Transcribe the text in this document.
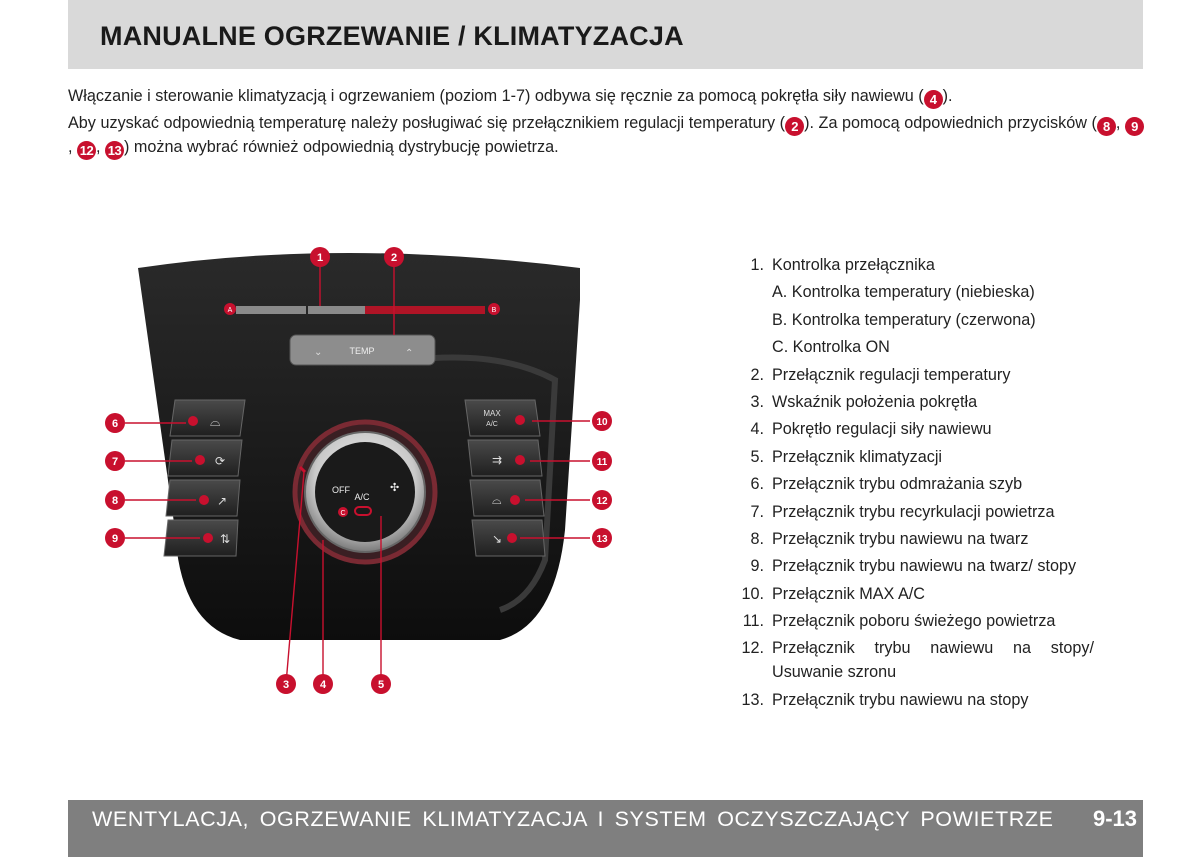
MANUALNE OGRZEWANIE / KLIMATYZACJA
Włączanie i sterowanie klimatyzacją i ogrzewaniem (poziom 1-7) odbywa się ręcznie za pomocą pokrętła siły nawiewu ( 4 ).
Aby uzyskać odpowiednią temperaturę należy posługiwać się przełącznikiem regulacji temperatury ( 2 ). Za pomocą odpowiednich przycisków ( 8 , 9, 12 , 13 ) można wybrać również odpowiednią dystrybucję powietrza.
A	B
⌄	TEMP	⌃
⌓
⟳
↗
⇅
MAX
A/C
⇉
⌓
↘
OFF	✣
A/C
C
1	2
3	4	5
6
7
8
9
10
11
12
13
1. Kontrolka przełącznika
A. Kontrolka temperatury (niebieska)
B. Kontrolka temperatury (czerwona)
C. Kontrolka ON
2. Przełącznik regulacji temperatury
3. Wskaźnik położenia pokrętła
4. Pokrętło regulacji siły nawiewu
5. Przełącznik klimatyzacji
6. Przełącznik trybu odmrażania szyb
7. Przełącznik trybu recyrkulacji powietrza
8. Przełącznik trybu nawiewu na twarz
9. Przełącznik trybu nawiewu na twarz/ stopy
10. Przełącznik MAX A/C
11. Przełącznik poboru świeżego powietrza
12. Przełącznik trybu nawiewu na stopy/ Usuwanie szronu
13. Przełącznik trybu nawiewu na stopy
WENTYLACJA, OGRZEWANIE KLIMATYZACJA I SYSTEM OCZYSZCZAJĄCY POWIETRZE 9-13
